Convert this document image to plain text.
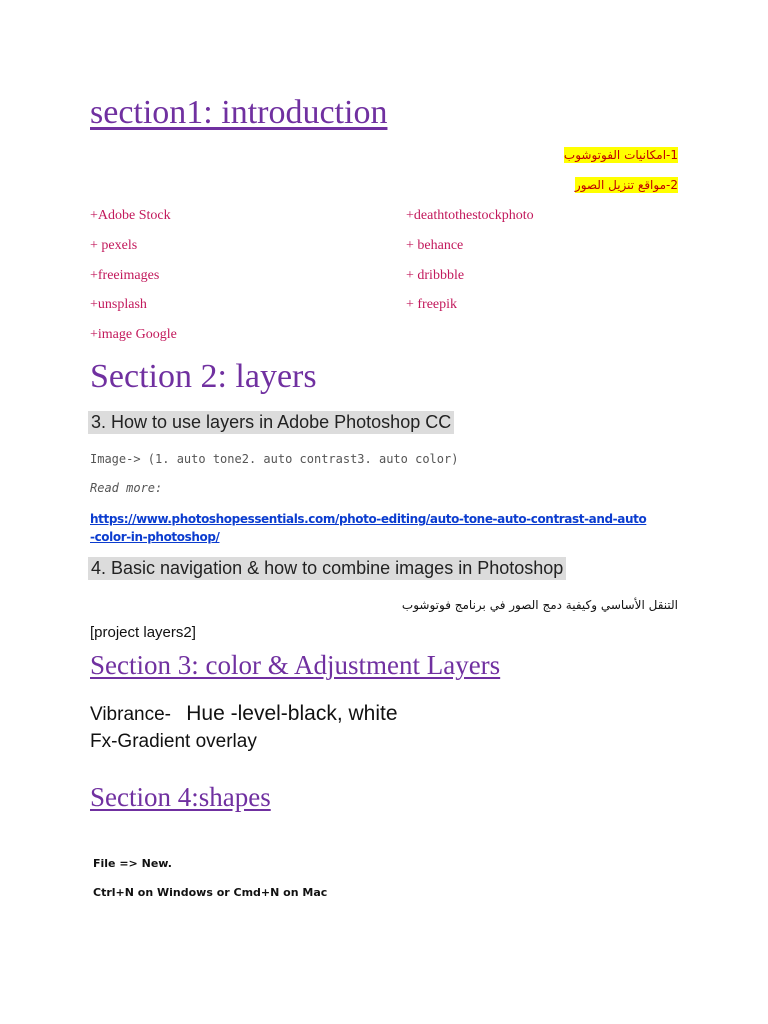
section1: introduction
1-امكانيات الفوتوشوب
2-مواقع تنزيل الصور
+Adobe Stock
+ pexels
+freeimages
+unsplash
+image Google
+deathtothestockphoto
+ behance
+ dribbble
+ freepik
Section 2: layers
3. How to use layers in Adobe Photoshop CC
Image-> (1. auto tone2. auto contrast3. auto color)
Read more:
https://www.photoshopessentials.com/photo-editing/auto-tone-auto-contrast-and-auto-color-in-photoshop/
4. Basic navigation & how to combine images in Photoshop
التنقل الأساسي وكيفية دمج الصور في برنامج فوتوشوب
[project layers2]
Section 3: color & Adjustment Layers
Vibrance- Hue -level-black, white
Fx-Gradient overlay
Section 4:shapes
File => New.
Ctrl+N on Windows or Cmd+N on Mac
